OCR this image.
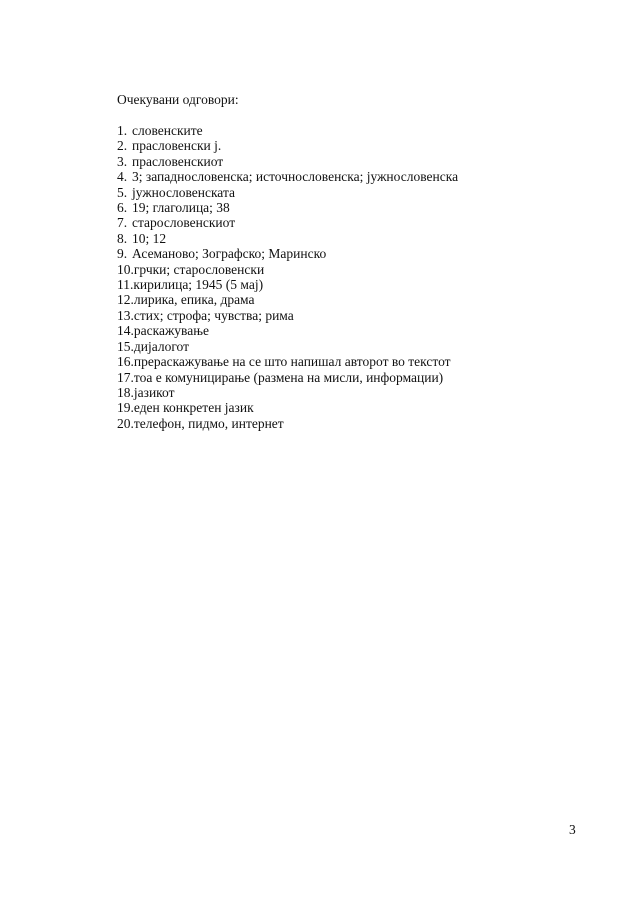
Очекувани одговори:
1. словенските
2. прасловенски ј.
3. прасловенскиот
4. 3; западнословенска; источнословенска; јужнословенска
5. јужнословенската
6. 19; глаголица; 38
7. старословенскиот
8. 10; 12
9. Асеманово; Зографско; Маринско
10. грчки; старословенски
11. кирилица; 1945 (5 мај)
12. лирика, епика, драма
13. стих; строфа; чувства; рима
14. раскажување
15. дијалогот
16. прераскажување на се што напишал авторот во текстот
17. тоа е комуницирање (размена на мисли, информации)
18. јазикот
19. еден конкретен јазик
20. телефон, пидмо, интернет
3
